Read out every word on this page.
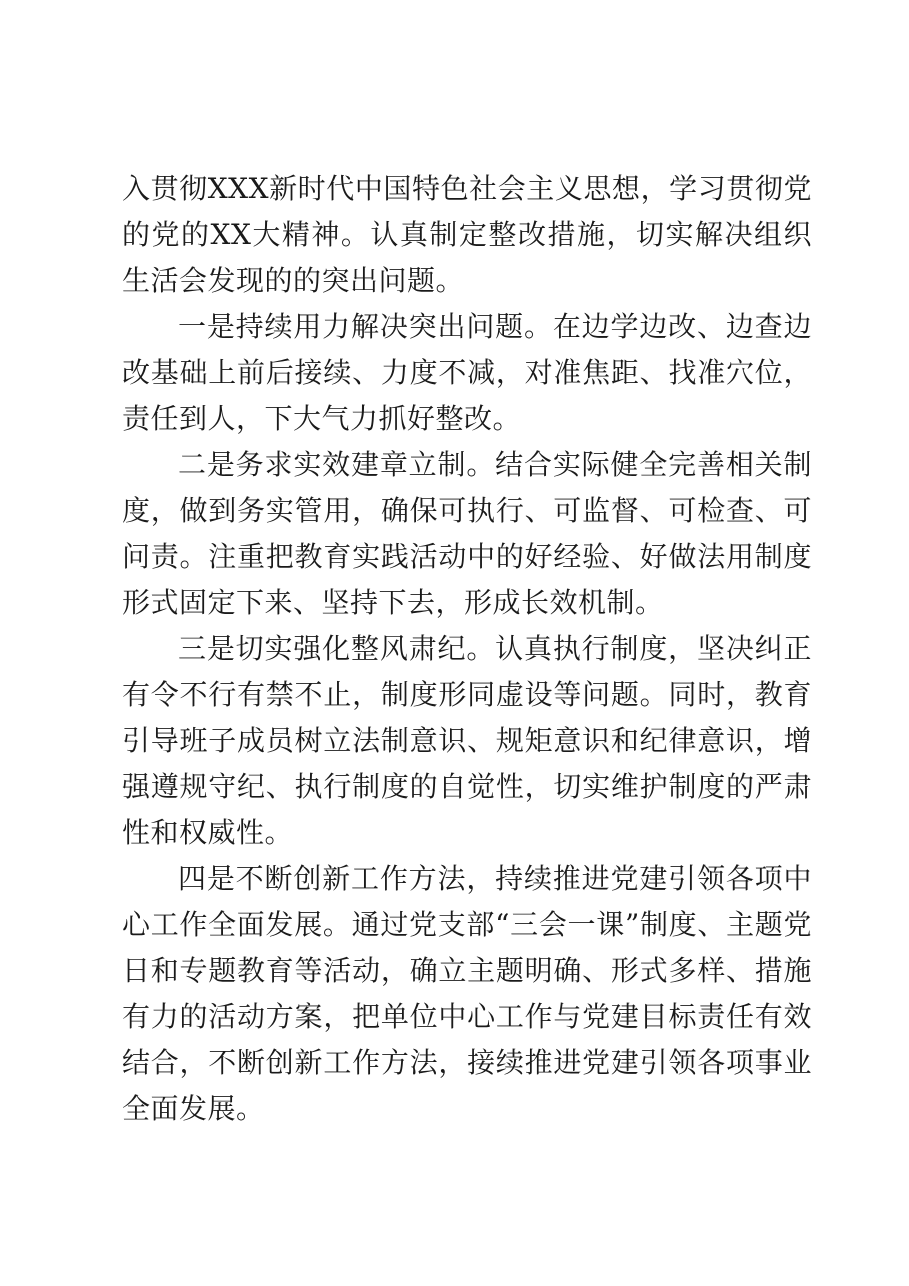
入贯彻XXX新时代中国特色社会主义思想，学习贯彻党的党的XX大精神。认真制定整改措施，切实解决组织生活会发现的的突出问题。

一是持续用力解决突出问题。在边学边改、边查边改基础上前后接续、力度不减，对准焦距、找准穴位，责任到人，下大气力抓好整改。

二是务求实效建章立制。结合实际健全完善相关制度，做到务实管用，确保可执行、可监督、可检查、可问责。注重把教育实践活动中的好经验、好做法用制度形式固定下来、坚持下去，形成长效机制。

三是切实强化整风肃纪。认真执行制度，坚决纠正有令不行有禁不止，制度形同虚设等问题。同时，教育引导班子成员树立法制意识、规矩意识和纪律意识，增强遵规守纪、执行制度的自觉性，切实维护制度的严肃性和权威性。

四是不断创新工作方法，持续推进党建引领各项中心工作全面发展。通过党支部“三会一课”制度、主题党日和专题教育等活动，确立主题明确、形式多样、措施有力的活动方案，把单位中心工作与党建目标责任有效结合，不断创新工作方法，接续推进党建引领各项事业全面发展。
